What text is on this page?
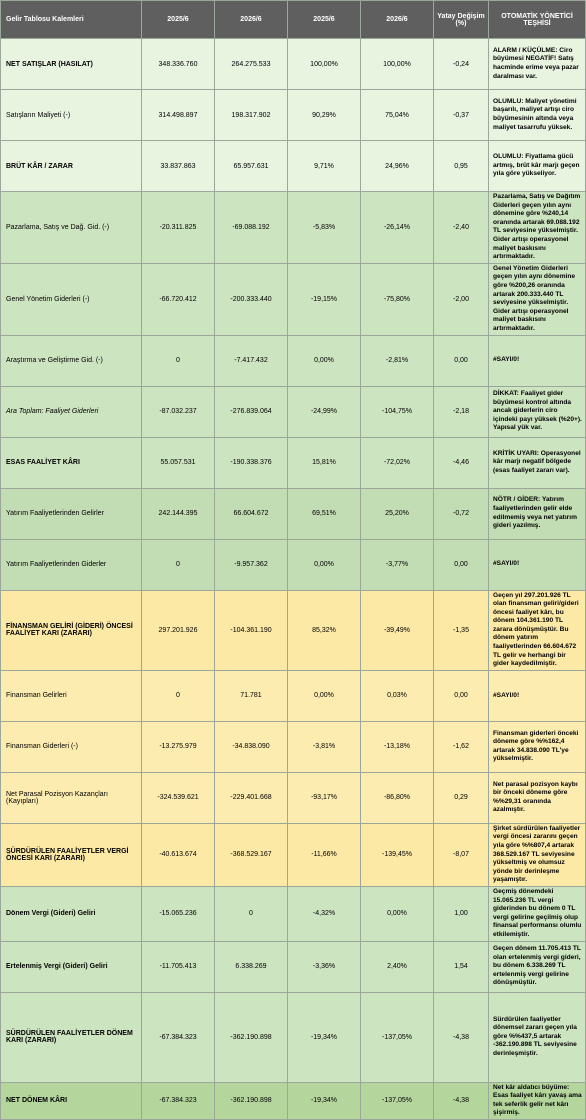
Gelir Tablosu Kalemleri	2025/6	2026/6	2025/6	2026/6	Yatay Değişim (%)	OTOMATİK YÖNETİCİ TEŞHİSİ
NET SATIŞLAR (HASILAT)	348.336.760	264.275.533	100,00%	100,00%	-0,24	ALARM / KÜÇÜLME: Ciro büyümesi NEGATİF! Satış hacminde erime veya pazar daralması var.
Satışların Maliyeti (-)	314.498.897	198.317.902	90,29%	75,04%	-0,37	OLUMLU: Maliyet yönetimi başarılı, maliyet artışı ciro büyümesinin altında veya maliyet tasarrufu yüksek.
BRÜT KÂR / ZARAR	33.837.863	65.957.631	9,71%	24,96%	0,95	OLUMLU: Fiyatlama gücü artmış, brüt kâr marjı geçen yıla göre yükseliyor.
Pazarlama, Satış ve Dağ. Gid. (-)	-20.311.825	-69.088.192	-5,83%	-26,14%	-2,40	Pazarlama, Satış ve Dağıtım Giderleri geçen yılın aynı dönemine göre %240,14 oranında artarak 69.088.192 TL seviyesine yükselmiştir. Gider artışı operasyonel maliyet baskısını artırmaktadır.
Genel Yönetim Giderleri (-)	-66.720.412	-200.333.440	-19,15%	-75,80%	-2,00	Genel Yönetim Giderleri geçen yılın aynı dönemine göre %200,26 oranında artarak 200.333.440 TL seviyesine yükselmiştir. Gider artışı operasyonel maliyet baskısını artırmaktadır.
Araştırma ve Geliştirme Gid. (-)	0	-7.417.432	0,00%	-2,81%	0,00	#SAYI/0!
Ara Toplam: Faaliyet Giderleri	-87.032.237	-276.839.064	-24,99%	-104,75%	-2,18	DİKKAT: Faaliyet gider büyümesi kontrol altında ancak giderlerin ciro içindeki payı yüksek (%20+). Yapısal yük var.
ESAS FAALİYET KÂRI	55.057.531	-190.338.376	15,81%	-72,02%	-4,46	KRİTİK UYARI: Operasyonel kâr marjı negatif bölgede (esas faaliyet zararı var).
Yatırım Faaliyetlerinden Gelirler	242.144.395	66.604.672	69,51%	25,20%	-0,72	NÖTR / GİDER: Yatırım faaliyetlerinden gelir elde edilmemiş veya net yatırım gideri yazılmış.
Yatırım Faaliyetlerinden Giderler	0	-9.957.362	0,00%	-3,77%	0,00	#SAYI/0!
FİNANSMAN GELİRİ (GİDERİ) ÖNCESİ FAALİYET KARI (ZARARI)	297.201.926	-104.361.190	85,32%	-39,49%	-1,35	Geçen yıl 297.201.926 TL olan finansman geliri/gideri öncesi faaliyet kârı, bu dönem 104.361.190 TL zarara dönüşmüştür. Bu dönem yatırım faaliyetlerinden 66.604.672 TL gelir ve herhangi bir gider kaydedilmiştir.
Finansman Gelirleri	0	71.781	0,00%	0,03%	0,00	#SAYI/0!
Finansman Giderleri (-)	-13.275.979	-34.838.090	-3,81%	-13,18%	-1,62	Finansman giderleri önceki döneme göre %%162,4 artarak 34.838.090 TL'ye yükselmiştir.
Net Parasal Pozisyon Kazançları (Kayıpları)	-324.539.621	-229.401.668	-93,17%	-86,80%	0,29	Net parasal pozisyon kaybı bir önceki döneme göre %%29,31 oranında azalmıştır.
SÜRDÜRÜLEN FAALİYETLER VERGİ ÖNCESİ KARI (ZARARI)	-40.613.674	-368.529.167	-11,66%	-139,45%	-8,07	Şirket sürdürülen faaliyetler vergi öncesi zararını geçen yıla göre %%807,4 artarak 368.529.167 TL seviyesine yükseltmiş ve olumsuz yönde bir derinleşme yaşamıştır.
Dönem Vergi (Gideri) Geliri	-15.065.236	0	-4,32%	0,00%	1,00	Geçmiş dönemdeki 15.065.236 TL vergi giderinden bu dönem 0 TL vergi gelirine geçilmiş olup finansal performansı olumlu etkilemiştir.
Ertelenmiş Vergi (Gideri) Geliri	-11.705.413	6.338.269	-3,36%	2,40%	1,54	Geçen dönem 11.705.413 TL olan ertelenmiş vergi gideri, bu dönem 6.338.269 TL ertelenmiş vergi gelirine dönüşmüştür.
SÜRDÜRÜLEN FAALİYETLER DÖNEM KARI (ZARARI)	-67.384.323	-362.190.898	-19,34%	-137,05%	-4,38	Sürdürülen faaliyetler dönemsel zararı geçen yıla göre %%437,5 artarak -362.190.898 TL seviyesine derinleşmiştir.
NET DÖNEM KÂRI	-67.384.323	-362.190.898	-19,34%	-137,05%	-4,38	Net kâr aldatıcı büyüme: Esas faaliyet kârı yavaş ama tek seferlik gelir net kârı şişirmiş.
